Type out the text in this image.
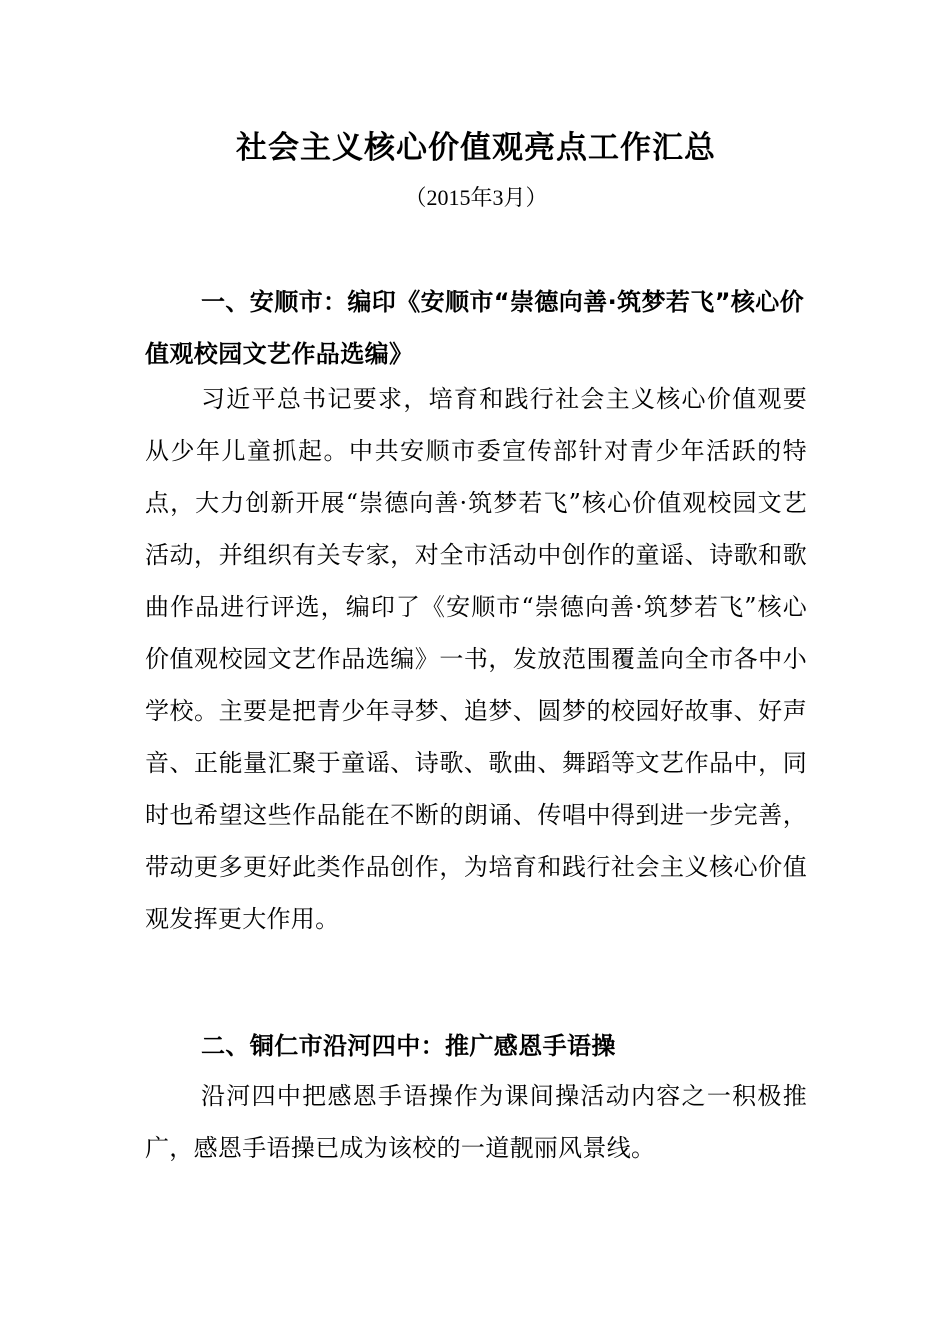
社会主义核心价值观亮点工作汇总
（2015年3月）
一、安顺市：编印《安顺市“崇德向善·筑梦若飞”核心价值观校园文艺作品选编》
习近平总书记要求，培育和践行社会主义核心价值观要从少年儿童抓起。中共安顺市委宣传部针对青少年活跃的特点，大力创新开展“崇德向善·筑梦若飞”核心价值观校园文艺活动，并组织有关专家，对全市活动中创作的童谣、诗歌和歌曲作品进行评选，编印了《安顺市“崇德向善·筑梦若飞”核心价值观校园文艺作品选编》一书，发放范围覆盖向全市各中小学校。主要是把青少年寻梦、追梦、圆梦的校园好故事、好声音、正能量汇聚于童谣、诗歌、歌曲、舞蹈等文艺作品中，同时也希望这些作品能在不断的朗诵、传唱中得到进一步完善，带动更多更好此类作品创作，为培育和践行社会主义核心价值观发挥更大作用。
二、铜仁市沿河四中：推广感恩手语操
沿河四中把感恩手语操作为课间操活动内容之一积极推广，感恩手语操已成为该校的一道靓丽风景线。
